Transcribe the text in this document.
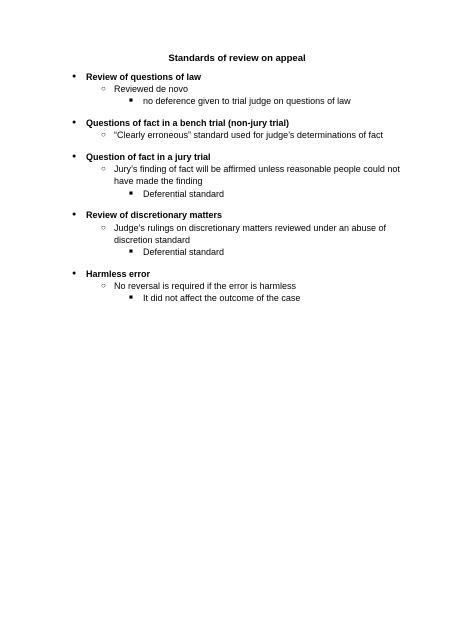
Standards of review on appeal
● Review of questions of law
○ Reviewed de novo
■ no deference given to trial judge on questions of law
● Questions of fact in a bench trial (non-jury trial)
○ “Clearly erroneous” standard used for judge’s determinations of fact
● Question of fact in a jury trial
○ Jury’s finding of fact will be affirmed unless reasonable people could not have made the finding
■ Deferential standard
● Review of discretionary matters
○ Judge’s rulings on discretionary matters reviewed under an abuse of discretion standard
■ Deferential standard
● Harmless error
○ No reversal is required if the error is harmless
■ It did not affect the outcome of the case
